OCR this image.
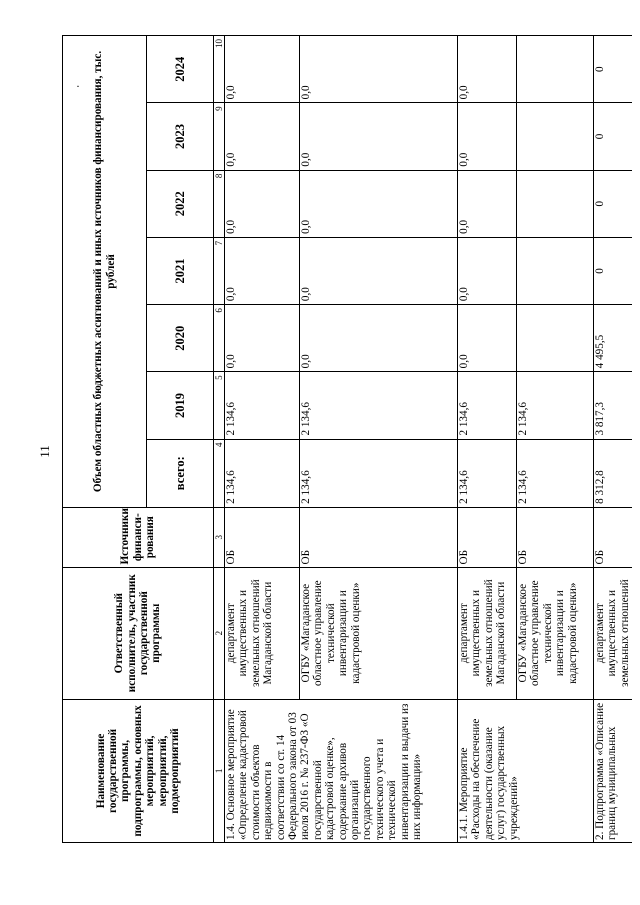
11
·
Наименование государственной программы, подпрограммы, основных мероприятий, мероприятий, подмероприятий	Ответственный исполнитель, участник государственной программы	Источники финанси-рования	Объем областных бюджетных ассигнований и иных источников финансирования, тыс. рублей						
			всего:	2019	2020	2021	2022	2023	2024
1	2	3	4	5	6	7	8	9	10
1.4. Основное мероприятие «Определение кадастровой стоимости объектов недвижимости в соответствии со ст. 14 Федерального закона от 03 июля 2016 г. № 237-ФЗ «О государственной кадастровой оценке», содержание архивов организаций государственного технического учета и технической инвентаризации и выдачи из них информации»	департамент имущественных и земельных отношений Магаданской области	ОБ	2 134,6	2 134,6	0,0	0,0	0,0	0,0	0,0
	ОГБУ «Магаданское областное управление технической инвентаризации и кадастровой оценки»	ОБ	2 134,6	2 134,6	0,0	0,0	0,0	0,0	0,0
1.4.1. Мероприятие «Расходы на обеспечение деятельности (оказание услуг) государственных учреждений»	департамент имущественных и земельных отношений Магаданской области	ОБ	2 134,6	2 134,6	0,0	0,0	0,0	0,0	0,0
	ОГБУ «Магаданское областное управление технической инвентаризации и кадастровой оценки»	ОБ	2 134,6	2 134,6					
2. Подпрограмма «Описание границ муниципальных	департамент имущественных и земельных отношений	ОБ	8 312,8	3 817,3	4 495,5	0	0	0	0
